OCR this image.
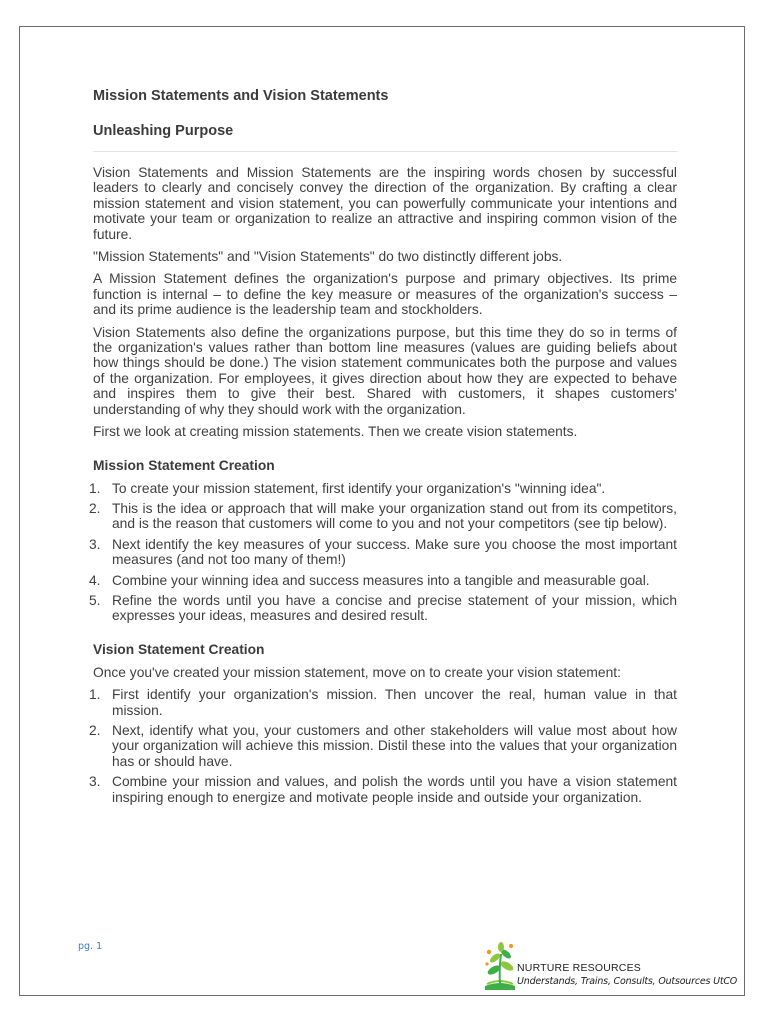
Mission Statements and Vision Statements
Unleashing Purpose

Vision Statements and Mission Statements are the inspiring words chosen by successful leaders to clearly and concisely convey the direction of the organization. By crafting a clear mission statement and vision statement, you can powerfully communicate your intentions and motivate your team or organization to realize an attractive and inspiring common vision of the future.

"Mission Statements" and "Vision Statements" do two distinctly different jobs.

A Mission Statement defines the organization's purpose and primary objectives. Its prime function is internal – to define the key measure or measures of the organization's success – and its prime audience is the leadership team and stockholders.

Vision Statements also define the organizations purpose, but this time they do so in terms of the organization's values rather than bottom line measures (values are guiding beliefs about how things should be done.) The vision statement communicates both the purpose and values of the organization. For employees, it gives direction about how they are expected to behave and inspires them to give their best. Shared with customers, it shapes customers' understanding of why they should work with the organization.

First we look at creating mission statements. Then we create vision statements.

Mission Statement Creation
1. To create your mission statement, first identify your organization's "winning idea".
2. This is the idea or approach that will make your organization stand out from its competitors, and is the reason that customers will come to you and not your competitors (see tip below).
3. Next identify the key measures of your success. Make sure you choose the most important measures (and not too many of them!)
4. Combine your winning idea and success measures into a tangible and measurable goal.
5. Refine the words until you have a concise and precise statement of your mission, which expresses your ideas, measures and desired result.
Vision Statement Creation

Once you've created your mission statement, move on to create your vision statement:

1. First identify your organization's mission. Then uncover the real, human value in that mission.
2. Next, identify what you, your customers and other stakeholders will value most about how your organization will achieve this mission. Distil these into the values that your organization has or should have.
3. Combine your mission and values, and polish the words until you have a vision statement inspiring enough to energize and motivate people inside and outside your organization.
pg. 1
NURTURE RESOURCES
Understands, Trains, Consults, Outsources UtCO
